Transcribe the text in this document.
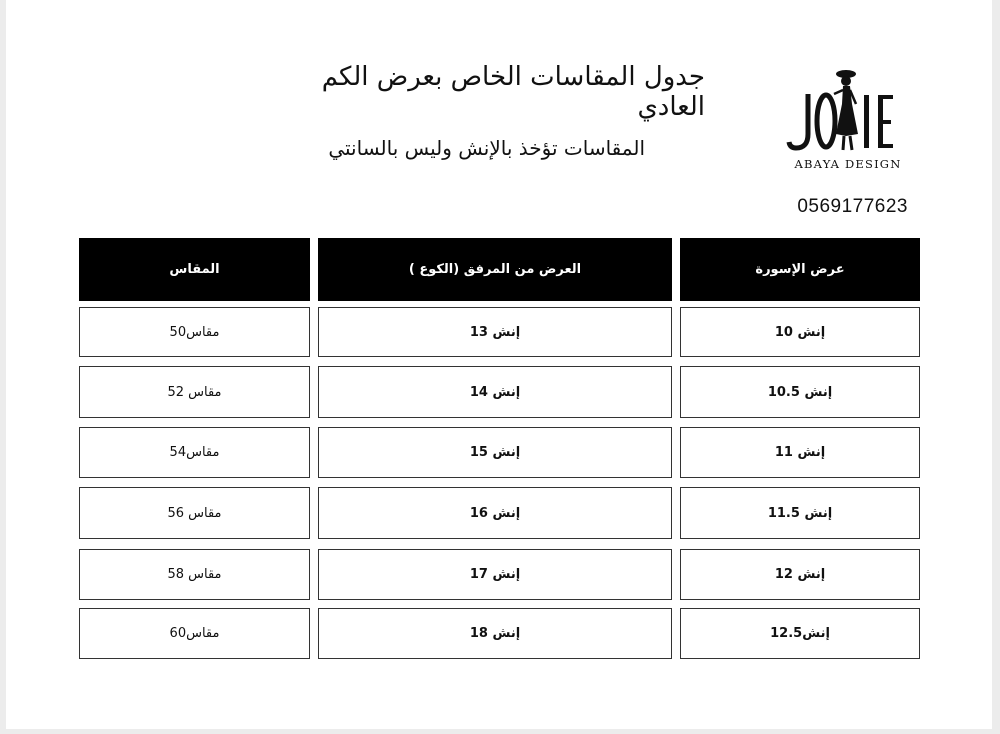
جدول المقاسات الخاص بعرض الكم العادي
المقاسات تؤخذ بالإنش وليس بالسانتي
ABAYA DESIGN
0569177623
عرض الإسورة
العرض من المرفق (الكوع )
المقاس
إنش 10
إنش 13
مقاس50
إنش 10.5
إنش 14
مقاس 52
إنش 11
إنش 15
مقاس54
إنش 11.5
إنش 16
مقاس 56
إنش 12
إنش 17
مقاس 58
إنش12.5
إنش 18
مقاس60
